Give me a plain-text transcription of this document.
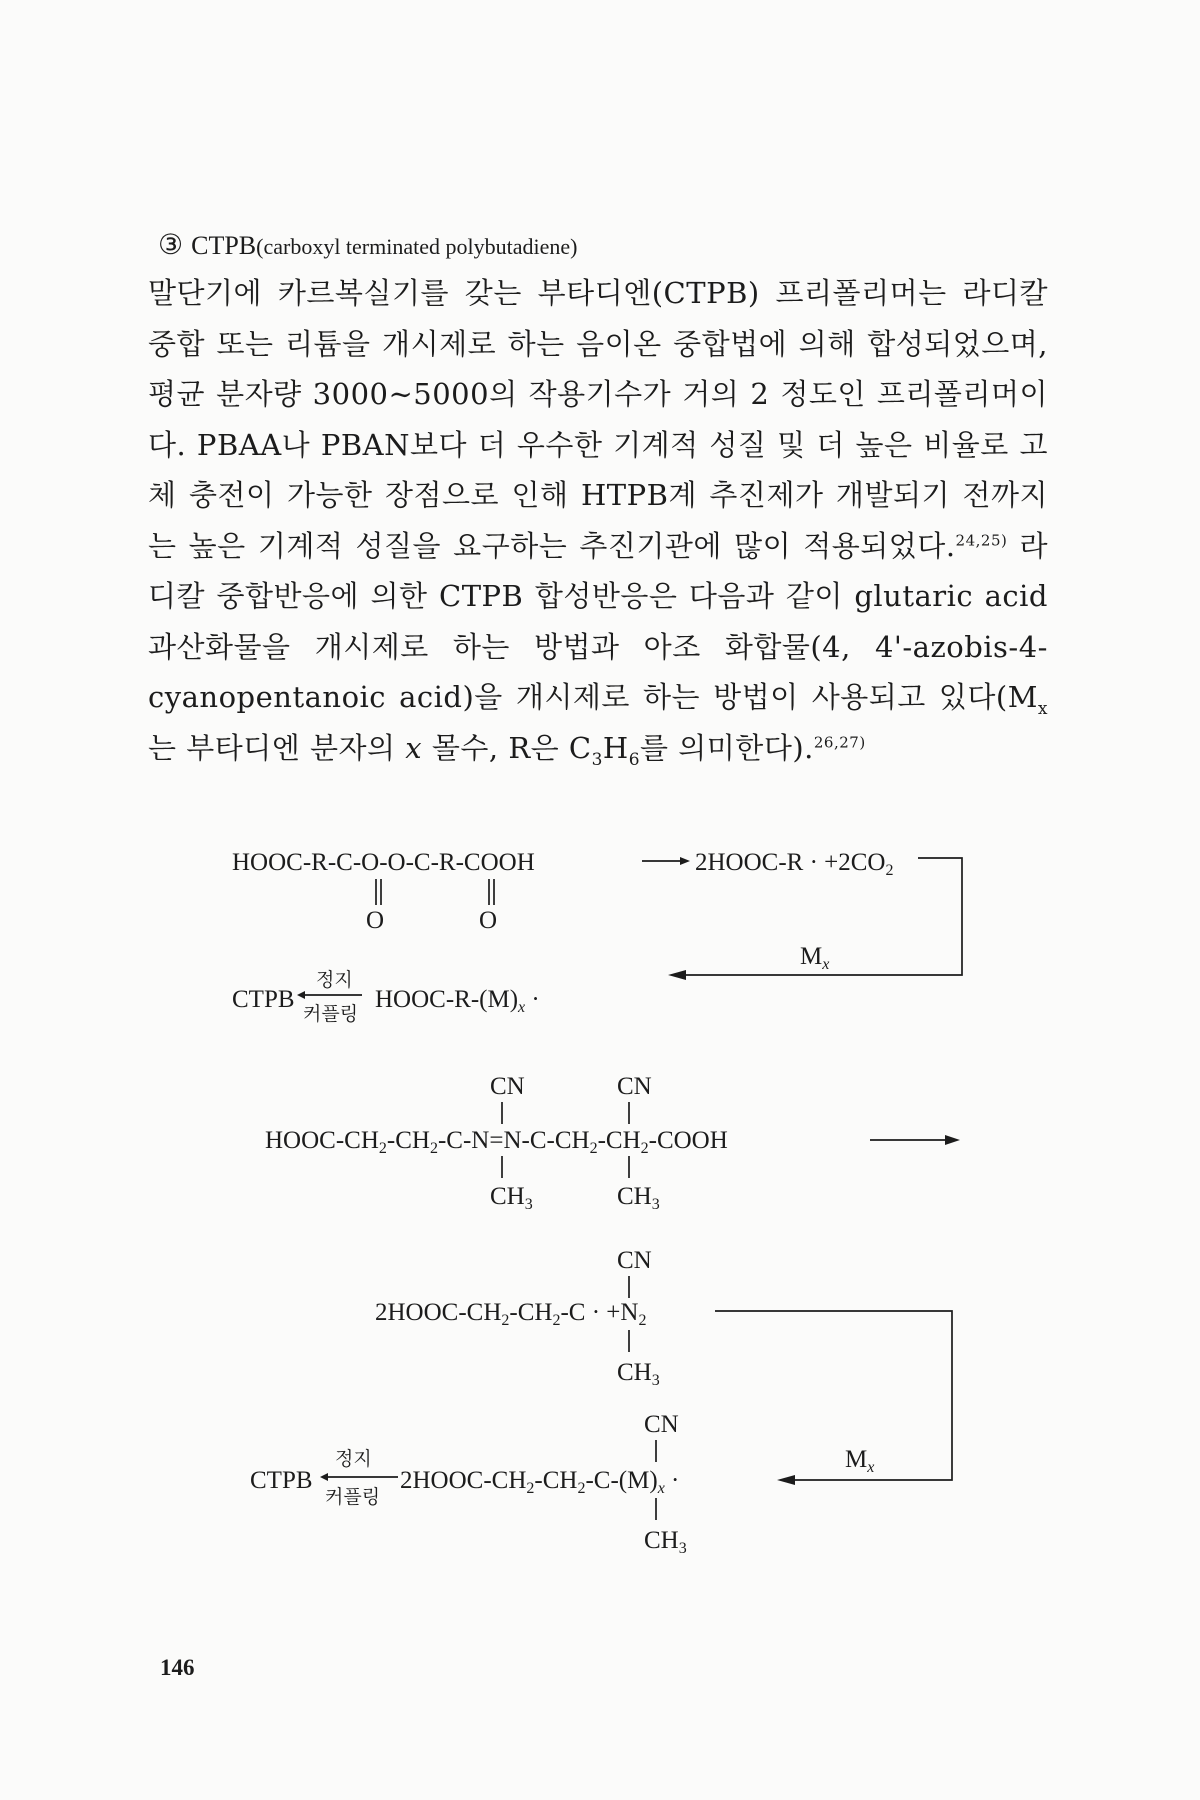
③ CTPB(carboxyl terminated polybutadiene)

말단기에 카르복실기를 갖는 부타디엔(CTPB) 프리폴리머는 라디칼 중합 또는 리튬을 개시제로 하는 음이온 중합법에 의해 합성되었으며, 평균 분자량 3000∼5000의 작용기수가 거의 2 정도인 프리폴리머이다. PBAA나 PBAN보다 더 우수한 기계적 성질 및 더 높은 비율로 고체 충전이 가능한 장점으로 인해 HTPB계 추진제가 개발되기 전까지는 높은 기계적 성질을 요구하는 추진기관에 많이 적용되었다.$^{24,25)}$ 라디칼 중합반응에 의한 CTPB 합성반응은 다음과 같이 glutaric acid 과산화물을 개시제로 하는 방법과 아조 화합물(4, 4'-azobis-4-cyanopentanoic acid)을 개시제로 하는 방법이 사용되고 있다($M_x$는 부타디엔 분자의 x 몰수, R은 $C_3H_6$를 의미한다).$^{26,27)}$

HOOC-R-C-O-O-C-R-COOH
O	O
2HOOC-R · $+2CO_2$
$M_x$
CTPB
정지
커플링
HOOC-$R-(M)_x$ ·
CN	CN
HOOC-$CH_2-CH_2-C-N=N-C-CH_2-CH_2$-COOH
$CH_3$	$CH_3$
CN
$2HOOC-CH_2-CH_2-C \cdot +N_2$
$CH_3$
$M_x$
CN
CTPB
정지
커플링
$2HOOC-CH_2-CH_2-C-(M)_x$ ·
$CH_3$
146
